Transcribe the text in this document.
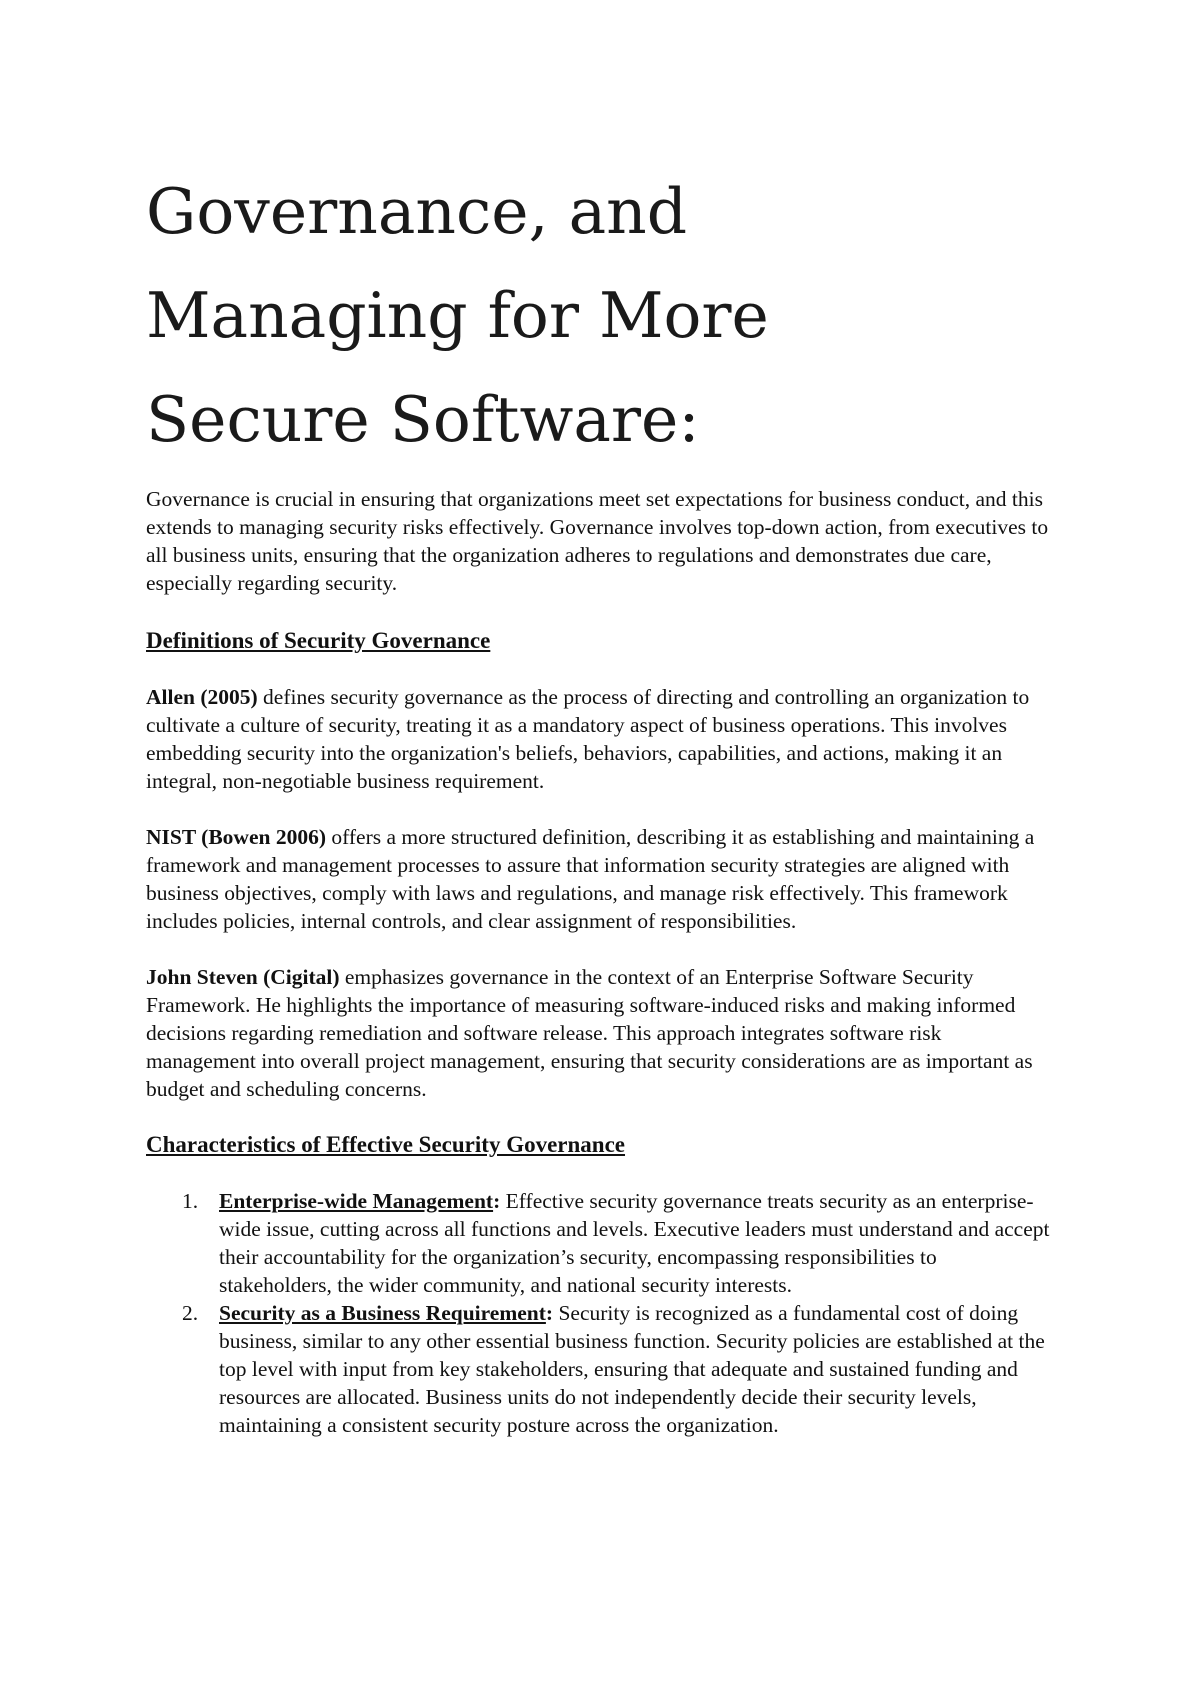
Governance, and
Managing for More
Secure Software:

Governance is crucial in ensuring that organizations meet set expectations for business conduct, and this extends to managing security risks effectively. Governance involves top-down action, from executives to all business units, ensuring that the organization adheres to regulations and demonstrates due care, especially regarding security.

Definitions of Security Governance

Allen (2005) defines security governance as the process of directing and controlling an organization to cultivate a culture of security, treating it as a mandatory aspect of business operations. This involves embedding security into the organization's beliefs, behaviors, capabilities, and actions, making it an integral, non-negotiable business requirement.

NIST (Bowen 2006) offers a more structured definition, describing it as establishing and maintaining a framework and management processes to assure that information security strategies are aligned with business objectives, comply with laws and regulations, and manage risk effectively. This framework includes policies, internal controls, and clear assignment of responsibilities.

John Steven (Cigital) emphasizes governance in the context of an Enterprise Software Security Framework. He highlights the importance of measuring software-induced risks and making informed decisions regarding remediation and software release. This approach integrates software risk management into overall project management, ensuring that security considerations are as important as budget and scheduling concerns.

Characteristics of Effective Security Governance
1. Enterprise-wide Management: Effective security governance treats security as an enterprise-wide issue, cutting across all functions and levels. Executive leaders must understand and accept their accountability for the organization’s security, encompassing responsibilities to stakeholders, the wider community, and national security interests.
2. Security as a Business Requirement: Security is recognized as a fundamental cost of doing business, similar to any other essential business function. Security policies are established at the top level with input from key stakeholders, ensuring that adequate and sustained funding and resources are allocated. Business units do not independently decide their security levels, maintaining a consistent security posture across the organization.
